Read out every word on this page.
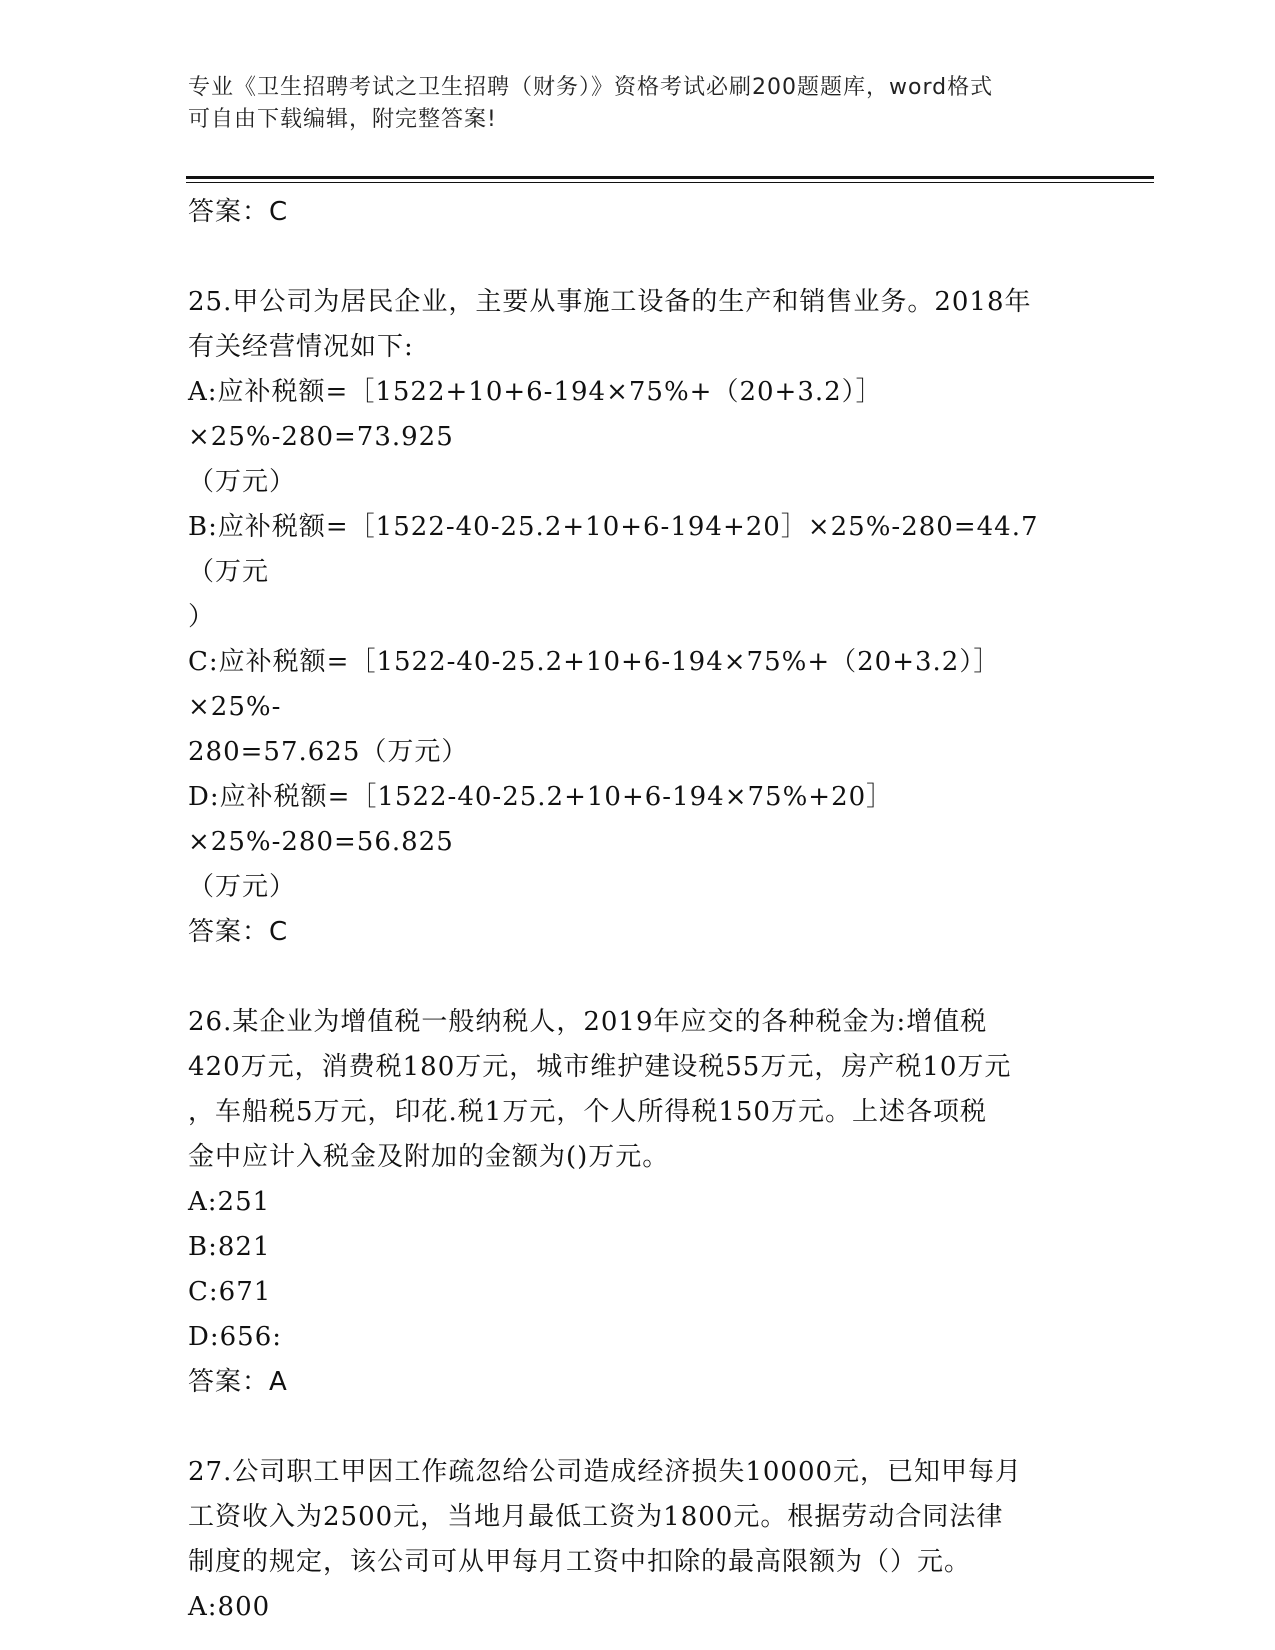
专业《卫生招聘考试之卫生招聘（财务）》资格考试必刷200题题库，word格式
可自由下载编辑，附完整答案!
答案：C
25.甲公司为居民企业，主要从事施工设备的生产和销售业务。2018年
有关经营情况如下:
A:应补税额=［1522+10+6-194×75%+（20+3.2）］×25%-280=73.925
（万元）
B:应补税额=［1522-40-25.2+10+6-194+20］×25%-280=44.7（万元
）
C:应补税额=［1522-40-25.2+10+6-194×75%+（20+3.2）］×25%-
280=57.625（万元）
D:应补税额=［1522-40-25.2+10+6-194×75%+20］×25%-280=56.825
（万元）
答案：C
26.某企业为增值税一般纳税人，2019年应交的各种税金为:增值税
420万元，消费税180万元，城市维护建设税55万元，房产税10万元
，车船税5万元，印花.税1万元，个人所得税150万元。上述各项税
金中应计入税金及附加的金额为()万元。
A:251
B:821
C:671
D:656:
答案：A
27.公司职工甲因工作疏忽给公司造成经济损失10000元，已知甲每月
工资收入为2500元，当地月最低工资为1800元。根据劳动合同法律
制度的规定，该公司可从甲每月工资中扣除的最高限额为（）元。
A:800
